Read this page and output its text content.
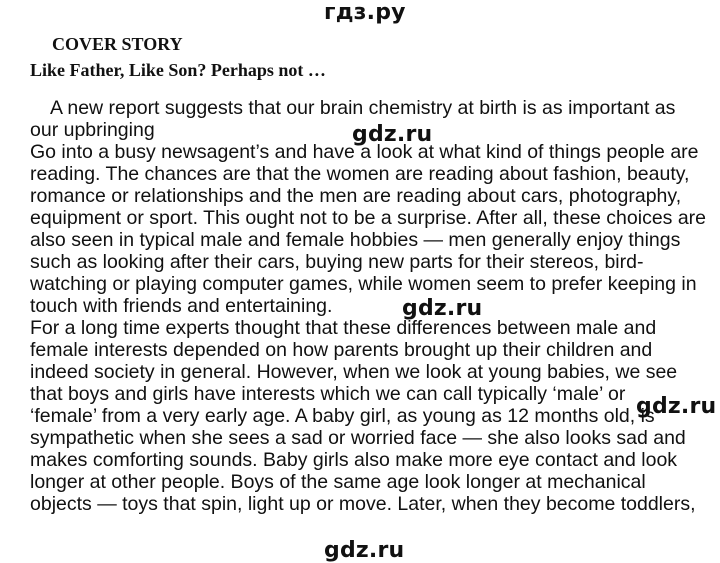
гдз.ру
COVER STORY
Like Father, Like Son? Perhaps not …
A new report suggests that our brain chemistry at birth is as important as
our upbringing
Go into a busy newsagent’s and have a look at what kind of things people are
reading. The chances are that the women are reading about fashion, beauty,
romance or relationships and the men are reading about cars, photography,
equipment or sport. This ought not to be a surprise. After all, these choices are
also seen in typical male and female hobbies — men generally enjoy things
such as looking after their cars, buying new parts for their stereos, bird-
watching or playing computer games, while women seem to prefer keeping in
touch with friends and entertaining.
For a long time experts thought that these differences between male and
female interests depended on how parents brought up their children and
indeed society in general. However, when we look at young babies, we see
that boys and girls have interests which we can call typically ‘male’ or
‘female’ from a very early age. A baby girl, as young as 12 months old, is
sympathetic when she sees a sad or worried face — she also looks sad and
makes comforting sounds. Baby girls also make more eye contact and look
longer at other people. Boys of the same age look longer at mechanical
objects — toys that spin, light up or move. Later, when they become toddlers,
gdz.ru
gdz.ru
gdz.ru
gdz.ru
